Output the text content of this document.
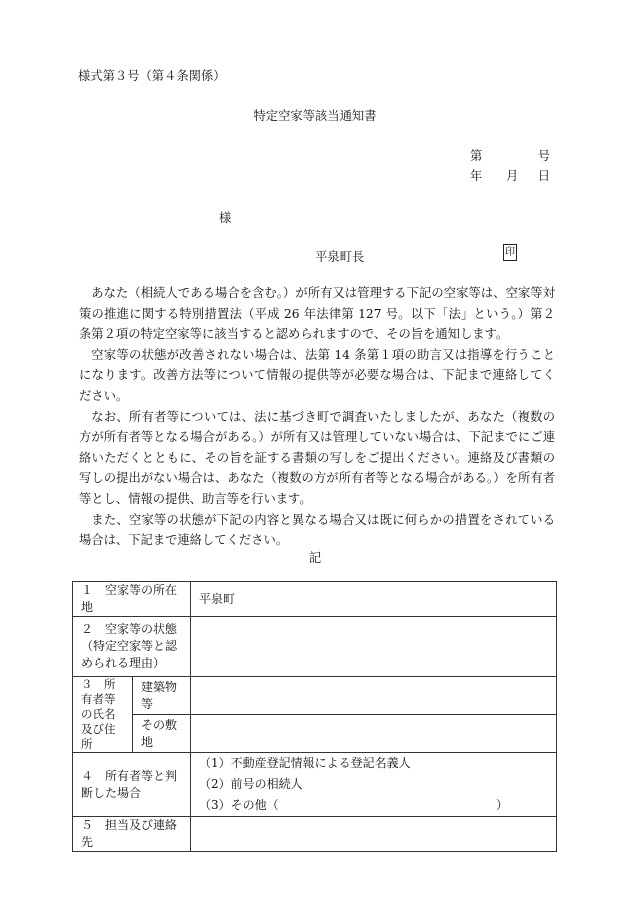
様式第３号（第４条関係）
特定空家等該当通知書
第	号
年 月 日
様
平泉町長	印

あなた（相続人である場合を含む。）が所有又は管理する下記の空家等は、空家等対策の推進に関する特別措置法（平成 26 年法律第 127 号。以下「法」という。）第２条第２項の特定空家等に該当すると認められますので、その旨を通知します。

空家等の状態が改善されない場合は、法第 14 条第１項の助言又は指導を行うことになります。改善方法等について情報の提供等が必要な場合は、下記まで連絡してください。

なお、所有者等については、法に基づき町で調査いたしましたが、あなた（複数の方が所有者等となる場合がある。）が所有又は管理していない場合は、下記までにご連絡いただくとともに、その旨を証する書類の写しをご提出ください。連絡及び書類の写しの提出がない場合は、あなた（複数の方が所有者等となる場合がある。）を所有者等とし、情報の提供、助言等を行います。

また、空家等の状態が下記の内容と異なる場合又は既に何らかの措置をされている場合は、下記まで連絡してください。

記
１　空家等の所在地		平泉町
２　空家等の状態（特定空家等と認められる理由）		
３　所有者等の氏名及び住所	建築物等	
	その敷地	
４　所有者等と判断した場合		（1）不動産登記情報による登記名義人
（2）前号の相続人
（3）その他（ ）

５　担当及び連絡先		
